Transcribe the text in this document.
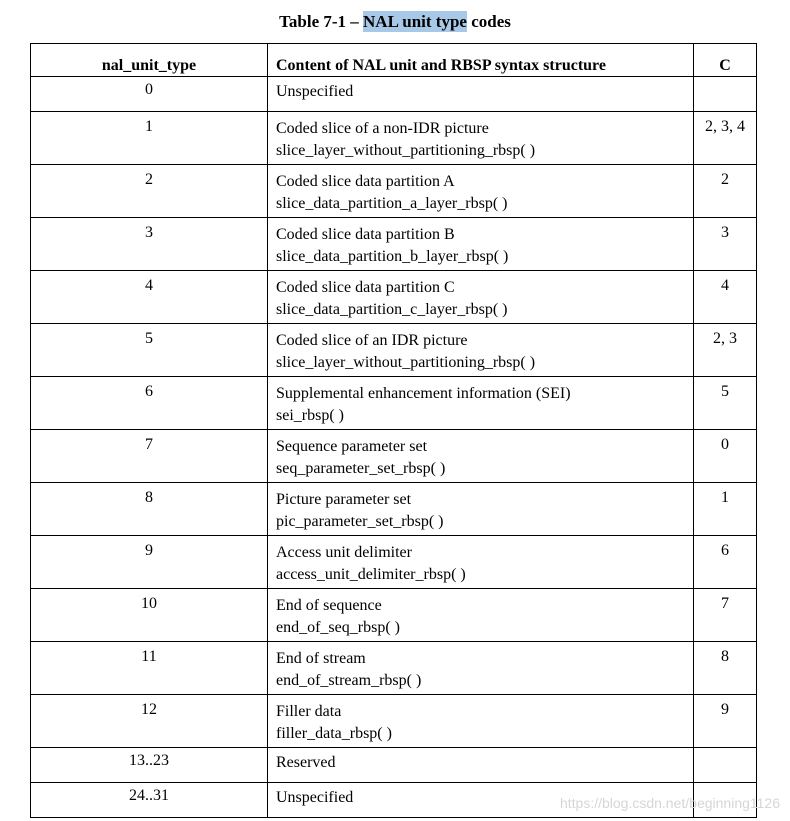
Table 7-1 – NAL unit type codes
nal_unit_type	Content of NAL unit and RBSP syntax structure	C
0	Unspecified	

1	Coded slice of a non-IDR picture
slice_layer_without_partitioning_rbsp( )	2, 3, 4
2	Coded slice data partition A
slice_data_partition_a_layer_rbsp( )	2
3	Coded slice data partition B
slice_data_partition_b_layer_rbsp( )	3
4	Coded slice data partition C
slice_data_partition_c_layer_rbsp( )	4
5	Coded slice of an IDR picture
slice_layer_without_partitioning_rbsp( )	2, 3
6	Supplemental enhancement information (SEI)
sei_rbsp( )	5
7	Sequence parameter set
seq_parameter_set_rbsp( )	0
8	Picture parameter set
pic_parameter_set_rbsp( )	1
9	Access unit delimiter
access_unit_delimiter_rbsp( )	6
10	End of sequence
end_of_seq_rbsp( )	7
11	End of stream
end_of_stream_rbsp( )	8
12	Filler data
filler_data_rbsp( )	9
13..23	Reserved	

24..31	Unspecified	
		https://blog.csdn.net/beginning1126
